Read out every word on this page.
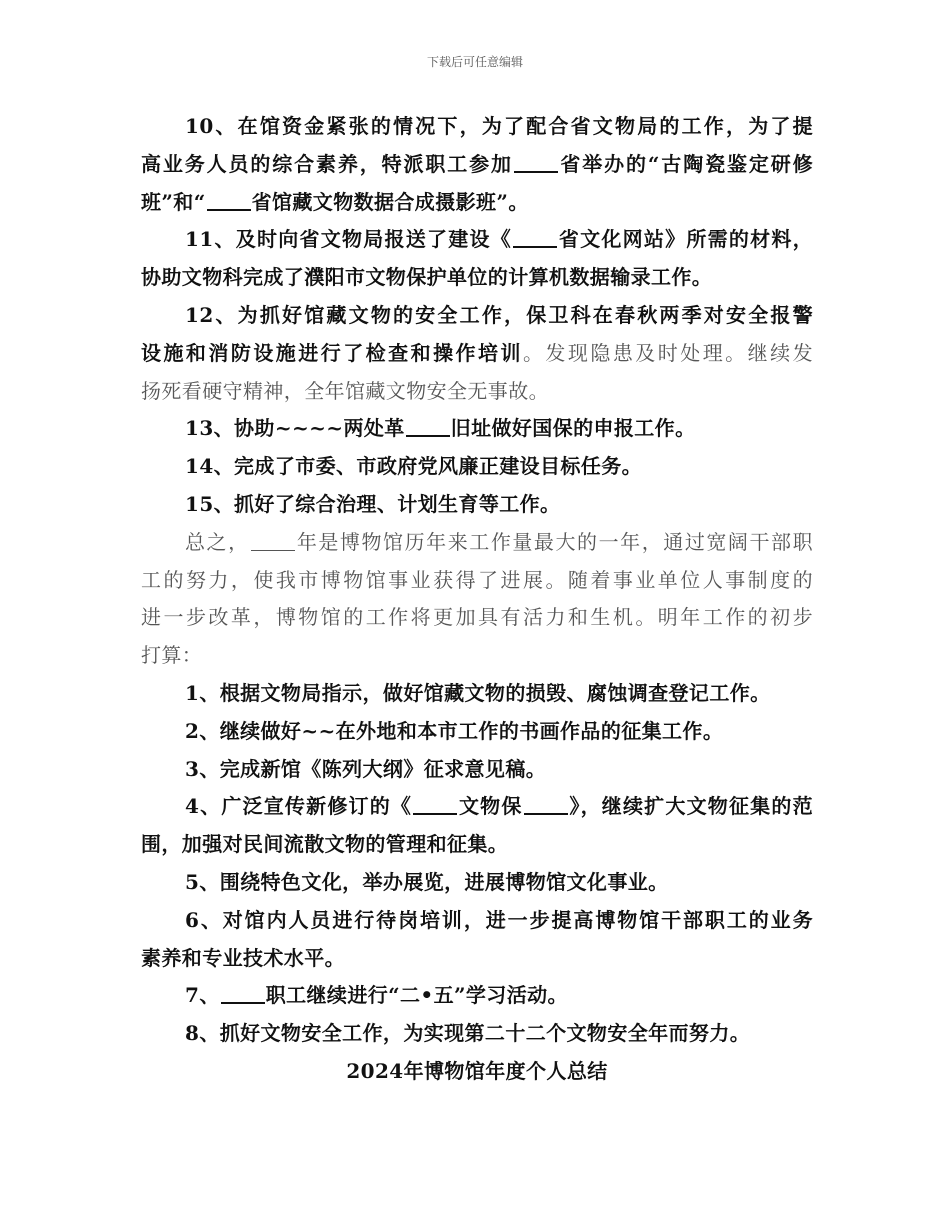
下载后可任意编辑
10、在馆资金紧张的情况下，为了配合省文物局的工作，为了提
高业务人员的综合素养，特派职工参加 省举办的“古陶瓷鉴定研修
班”和“ 省馆藏文物数据合成摄影班”。
11、及时向省文物局报送了建设《 省文化网站》所需的材料，
协助文物科完成了濮阳市文物保护单位的计算机数据输录工作。
12、为抓好馆藏文物的安全工作，保卫科在春秋两季对安全报警
设施和消防设施进行了检查和操作培训。发现隐患及时处理。继续发
扬死看硬守精神，全年馆藏文物安全无事故。
13、协助~~~~两处革 旧址做好国保的申报工作。
14、完成了市委、市政府党风廉正建设目标任务。
15、抓好了综合治理、计划生育等工作。
总之， 年是博物馆历年来工作量最大的一年，通过宽阔干部职
工的努力，使我市博物馆事业获得了进展。随着事业单位人事制度的
进一步改革，博物馆的工作将更加具有活力和生机。明年工作的初步
打算：
1、根据文物局指示，做好馆藏文物的损毁、腐蚀调查登记工作。
2、继续做好~~在外地和本市工作的书画作品的征集工作。
3、完成新馆《陈列大纲》征求意见稿。
4、广泛宣传新修订的《 文物保 》，继续扩大文物征集的范
围，加强对民间流散文物的管理和征集。
5、围绕特色文化，举办展览，进展博物馆文化事业。
6、对馆内人员进行待岗培训，进一步提高博物馆干部职工的业务
素养和专业技术水平。
7、 职工继续进行“二•五”学习活动。
8、抓好文物安全工作，为实现第二十二个文物安全年而努力。
2024年博物馆年度个人总结
